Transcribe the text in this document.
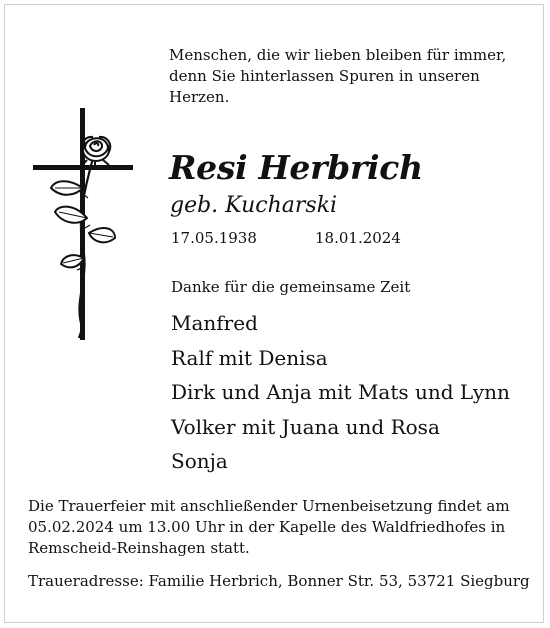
Menschen, die wir lieben bleiben für immer,
denn Sie hinterlassen Spuren in unseren
Herzen.

Resi Herbrich

geb. Kucharski

17.05.1938	18.01.2024

Danke für die gemeinsame Zeit

Manfred
Ralf mit Denisa
Dirk und Anja mit Mats und Lynn
Volker mit Juana und Rosa
Sonja

Die Trauerfeier mit anschließender Urnenbeisetzung findet am
05.02.2024 um 13.00 Uhr in der Kapelle des Waldfriedhofes in
Remscheid-Reinshagen statt.

Traueradresse: Familie Herbrich, Bonner Str. 53, 53721 Siegburg
